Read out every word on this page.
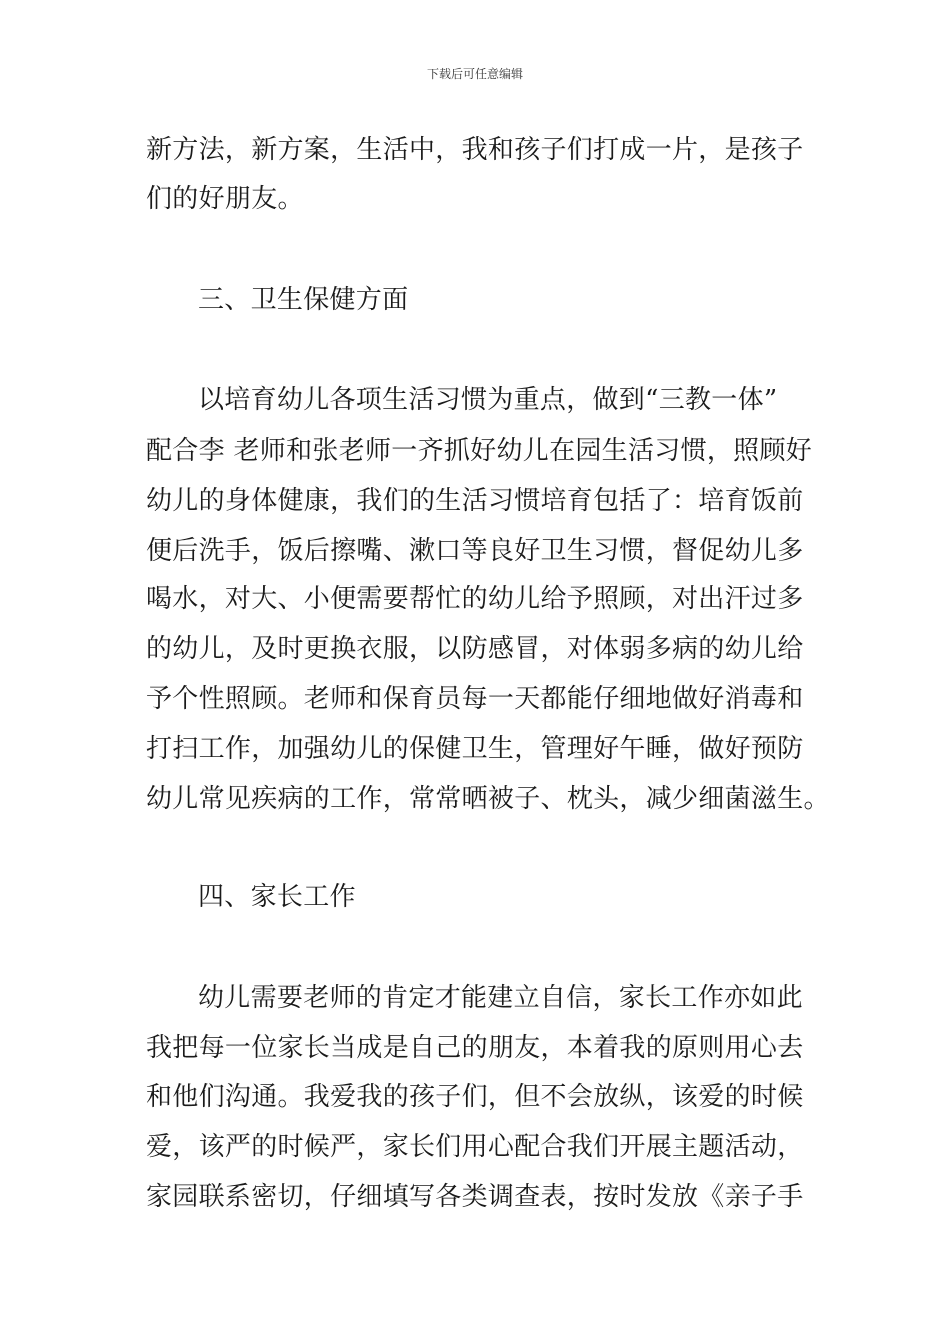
下载后可任意编辑
新方法，新方案，生活中，我和孩子们打成一片，是孩子
们的好朋友。
三、卫生保健方面
以培育幼儿各项生活习惯为重点，做到“三教一体”
配合李 老师和张老师一齐抓好幼儿在园生活习惯，照顾好
幼儿的身体健康，我们的生活习惯培育包括了：培育饭前
便后洗手，饭后擦嘴、漱口等良好卫生习惯，督促幼儿多
喝水，对大、小便需要帮忙的幼儿给予照顾，对出汗过多
的幼儿，及时更换衣服，以防感冒，对体弱多病的幼儿给
予个性照顾。老师和保育员每一天都能仔细地做好消毒和
打扫工作，加强幼儿的保健卫生，管理好午睡，做好预防
幼儿常见疾病的工作，常常晒被子、枕头，减少细菌滋生。
四、家长工作
幼儿需要老师的肯定才能建立自信，家长工作亦如此
我把每一位家长当成是自己的朋友，本着我的原则用心去
和他们沟通。我爱我的孩子们，但不会放纵，该爱的时候
爱，该严的时候严，家长们用心配合我们开展主题活动，
家园联系密切，仔细填写各类调查表，按时发放《亲子手
